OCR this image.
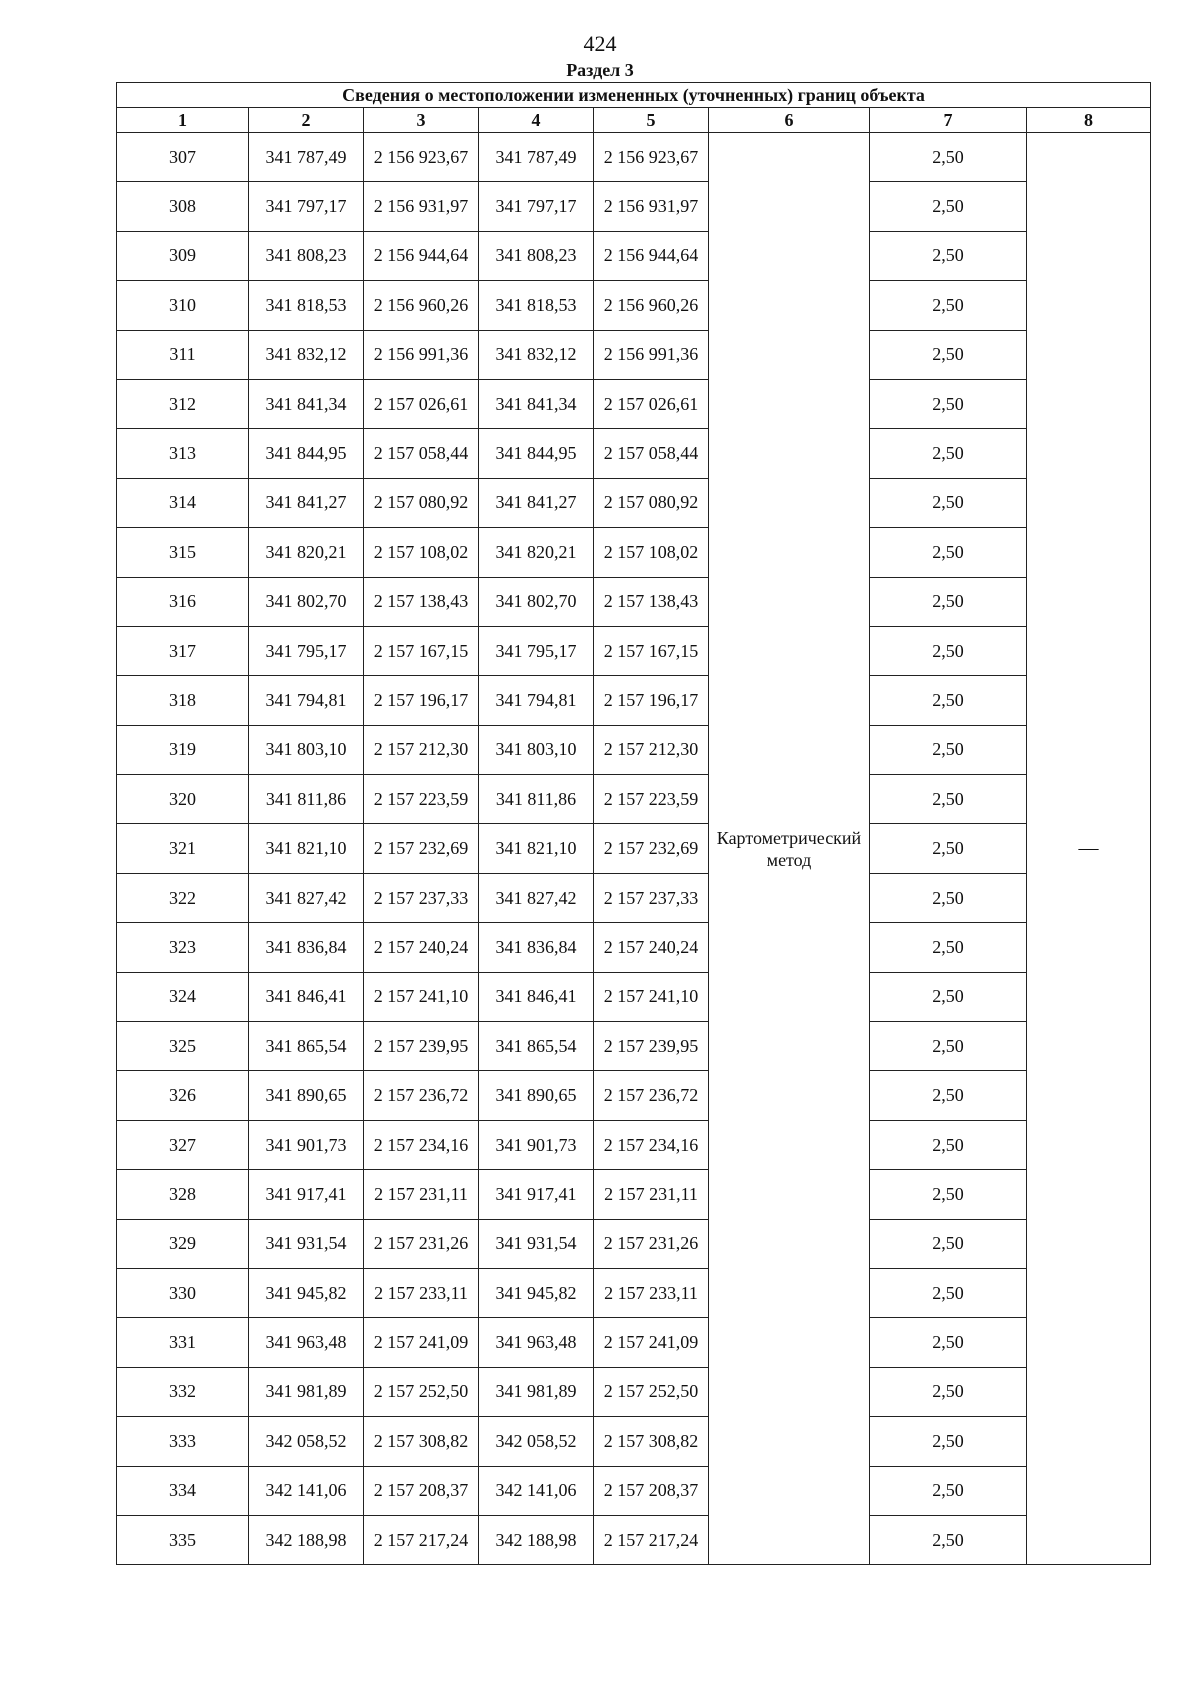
424
Раздел 3
Сведения о местоположении измененных (уточненных) границ объекта							
1	2	3	4	5	6	7	8
307	341 787,49	2 156 923,67	341 787,49	2 156 923,67	Картометрический метод	2,50	—
308	341 797,17	2 156 931,97	341 797,17	2 156 931,97		2,50	
309	341 808,23	2 156 944,64	341 808,23	2 156 944,64		2,50	
310	341 818,53	2 156 960,26	341 818,53	2 156 960,26		2,50	
311	341 832,12	2 156 991,36	341 832,12	2 156 991,36		2,50	
312	341 841,34	2 157 026,61	341 841,34	2 157 026,61		2,50	
313	341 844,95	2 157 058,44	341 844,95	2 157 058,44		2,50	
314	341 841,27	2 157 080,92	341 841,27	2 157 080,92		2,50	
315	341 820,21	2 157 108,02	341 820,21	2 157 108,02		2,50	
316	341 802,70	2 157 138,43	341 802,70	2 157 138,43		2,50	
317	341 795,17	2 157 167,15	341 795,17	2 157 167,15		2,50	
318	341 794,81	2 157 196,17	341 794,81	2 157 196,17		2,50	
319	341 803,10	2 157 212,30	341 803,10	2 157 212,30		2,50	
320	341 811,86	2 157 223,59	341 811,86	2 157 223,59		2,50	
321	341 821,10	2 157 232,69	341 821,10	2 157 232,69		2,50	
322	341 827,42	2 157 237,33	341 827,42	2 157 237,33		2,50	
323	341 836,84	2 157 240,24	341 836,84	2 157 240,24		2,50	
324	341 846,41	2 157 241,10	341 846,41	2 157 241,10		2,50	
325	341 865,54	2 157 239,95	341 865,54	2 157 239,95		2,50	
326	341 890,65	2 157 236,72	341 890,65	2 157 236,72		2,50	
327	341 901,73	2 157 234,16	341 901,73	2 157 234,16		2,50	
328	341 917,41	2 157 231,11	341 917,41	2 157 231,11		2,50	
329	341 931,54	2 157 231,26	341 931,54	2 157 231,26		2,50	
330	341 945,82	2 157 233,11	341 945,82	2 157 233,11		2,50	
331	341 963,48	2 157 241,09	341 963,48	2 157 241,09		2,50	
332	341 981,89	2 157 252,50	341 981,89	2 157 252,50		2,50	
333	342 058,52	2 157 308,82	342 058,52	2 157 308,82		2,50	
334	342 141,06	2 157 208,37	342 141,06	2 157 208,37		2,50	
335	342 188,98	2 157 217,24	342 188,98	2 157 217,24		2,50	
